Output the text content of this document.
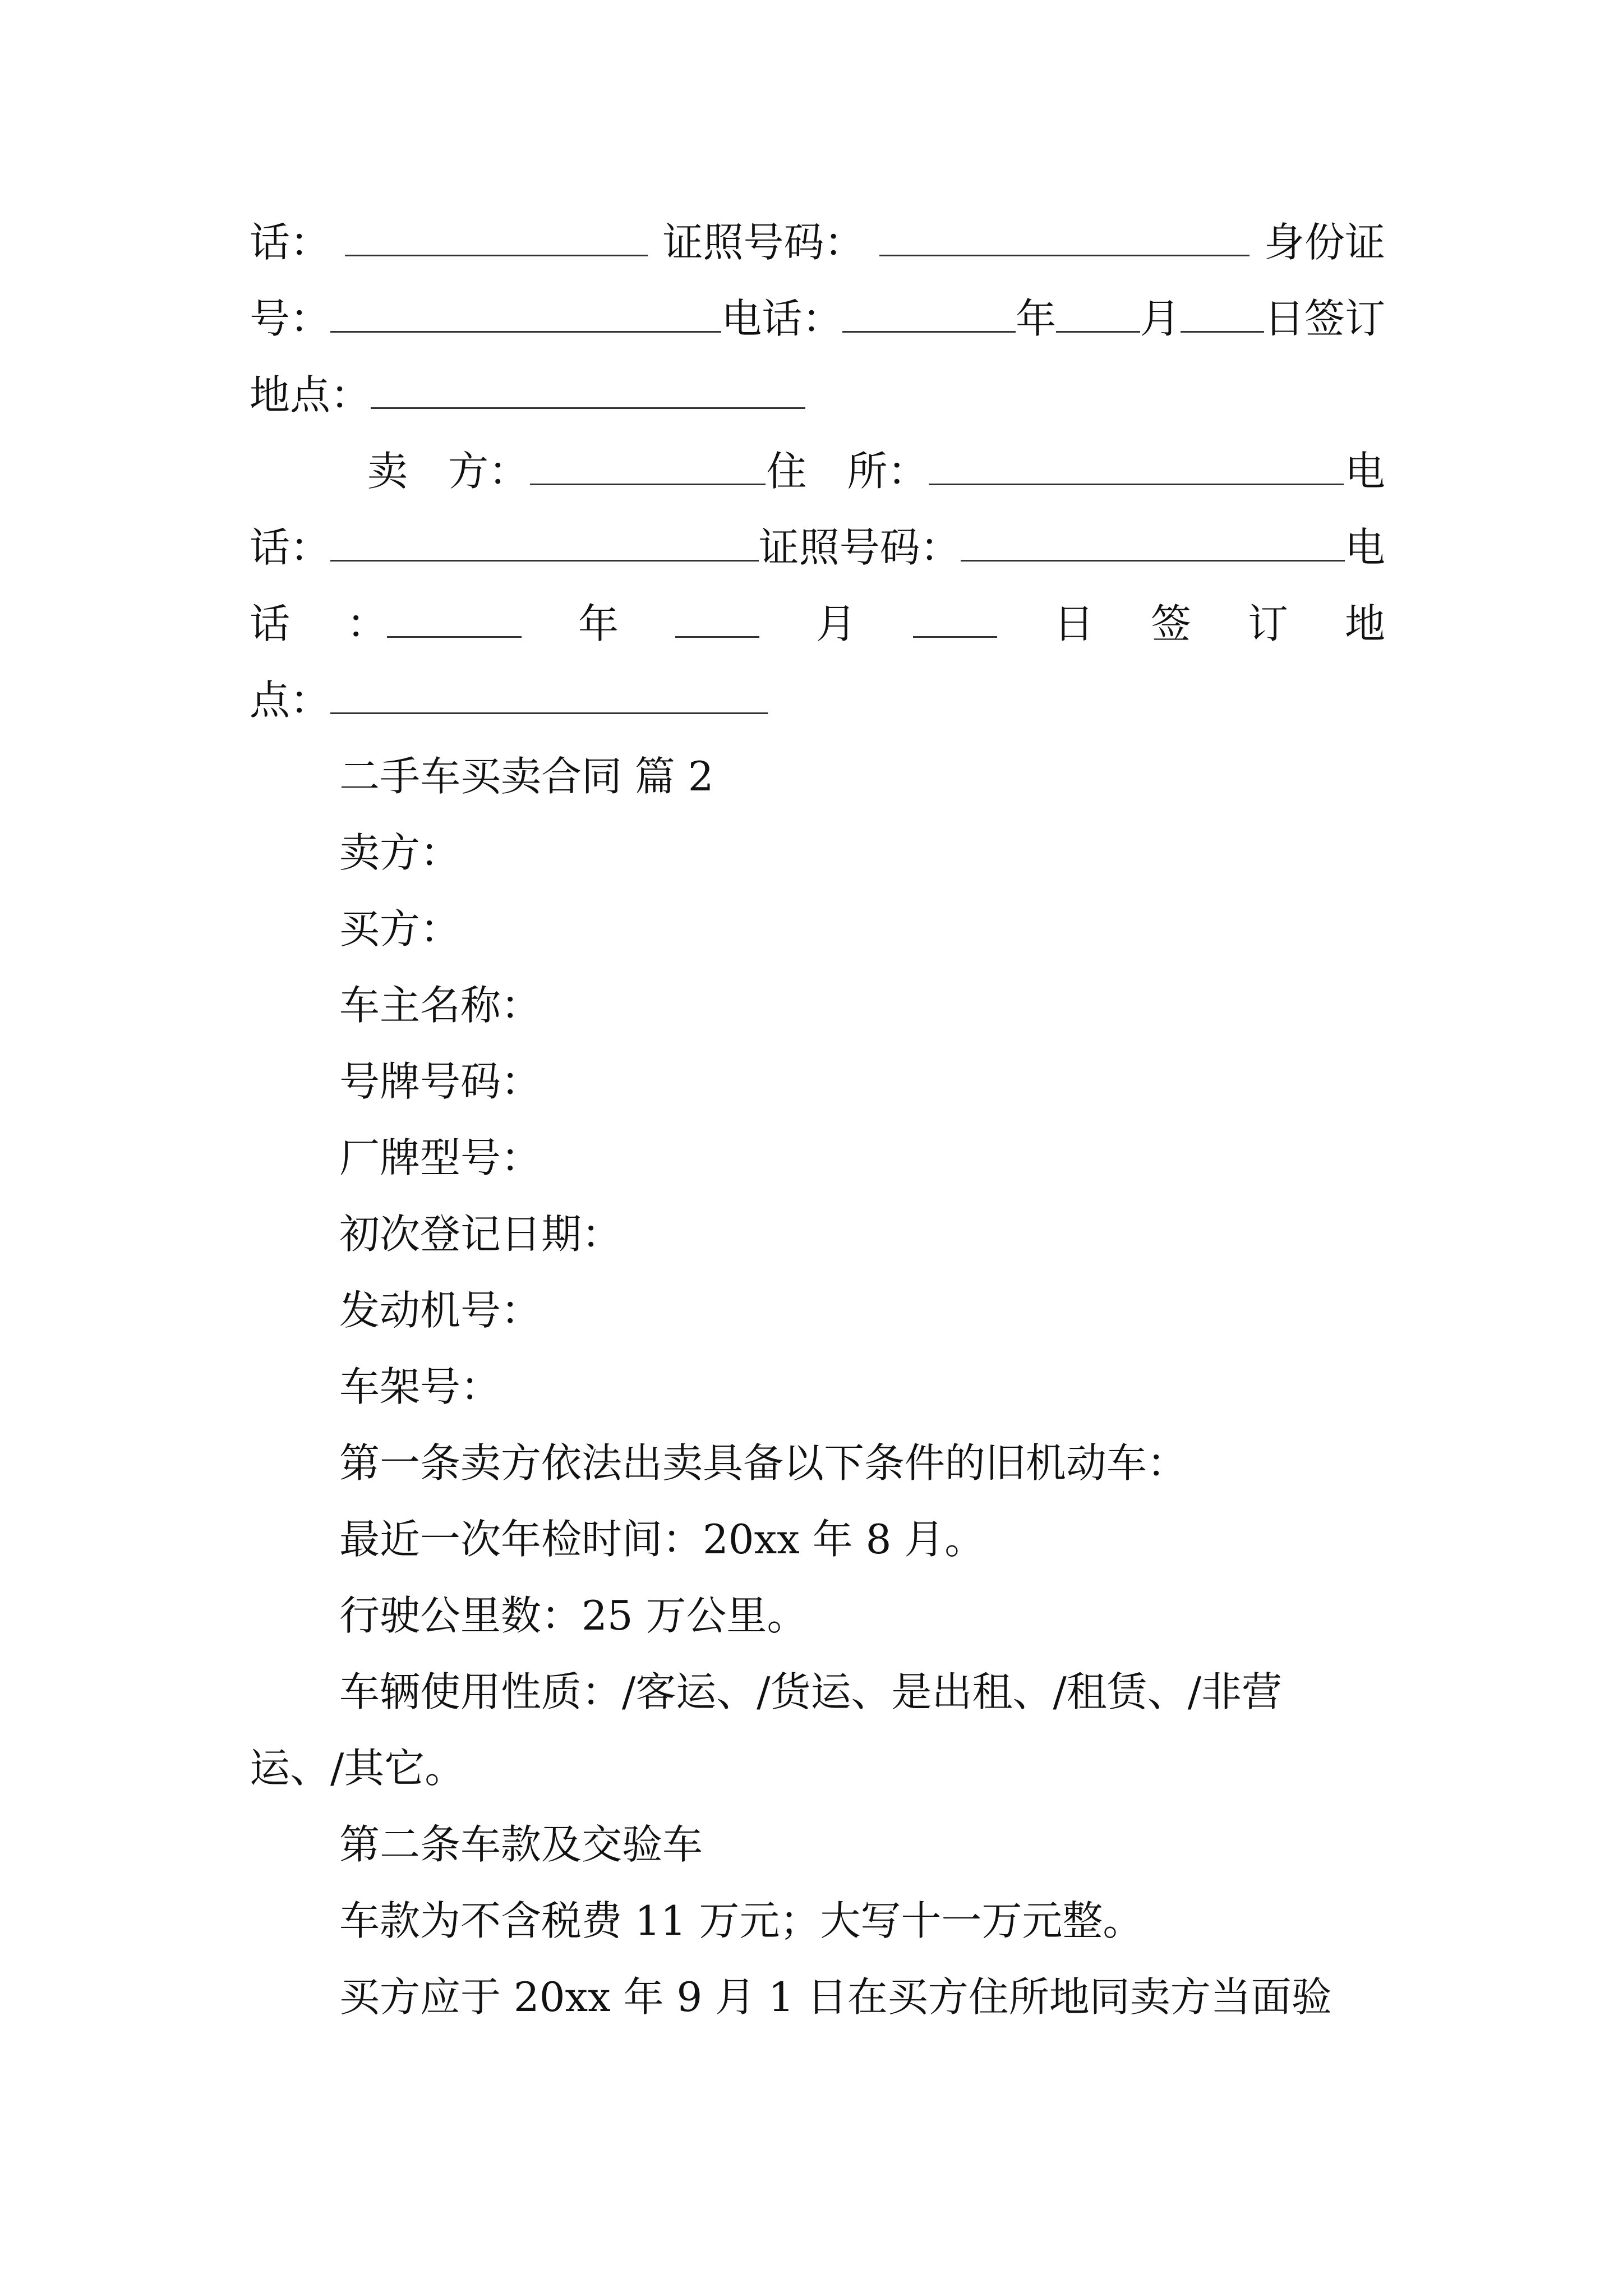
话：	证照号码：	身份证
号：	电话：	年 月 日签订
地点：
卖　方：	住　所：	电
话：	证照号码：	电
话 ：	年	月	日 签 订 地
点：
二手车买卖合同 篇 2
卖方：
买方：
车主名称：
号牌号码：
厂牌型号：
初次登记日期：
发动机号：
车架号：
第一条卖方依法出卖具备以下条件的旧机动车：
最近一次年检时间：20xx 年 8 月。
行驶公里数：25 万公里。
车辆使用性质：/客运、/货运、是出租、/租赁、/非营
运、/其它。
第二条车款及交验车
车款为不含税费 11 万元；大写十一万元整。
买方应于 20xx 年 9 月 1 日在买方住所地同卖方当面验
